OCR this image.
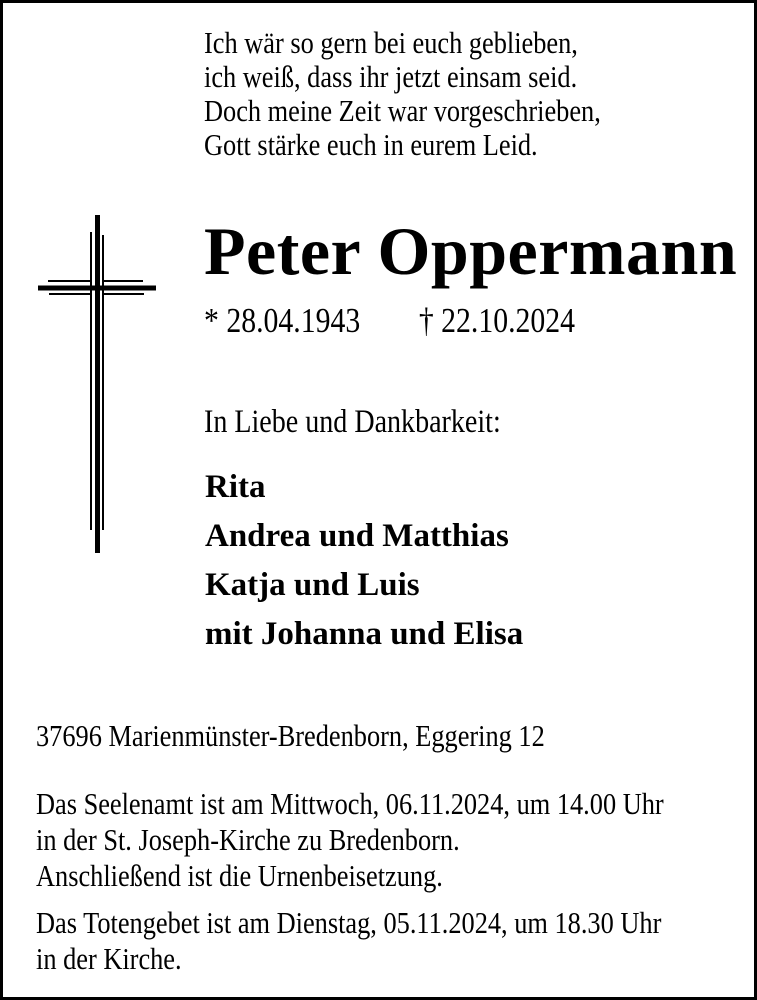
Ich wär so gern bei euch geblieben,
ich weiß, dass ihr jetzt einsam seid.
Doch meine Zeit war vorgeschrieben,
Gott stärke euch in eurem Leid.
Peter Oppermann
* 28.04.1943 † 22.10.2024
In Liebe und Dankbarkeit:
Rita
Andrea und Matthias
Katja und Luis
mit Johanna und Elisa
37696 Marienmünster-Bredenborn, Eggering 12
Das Seelenamt ist am Mittwoch, 06.11.2024, um 14.00 Uhr
in der St. Joseph-Kirche zu Bredenborn.
Anschließend ist die Urnenbeisetzung.
Das Totengebet ist am Dienstag, 05.11.2024, um 18.30 Uhr
in der Kirche.
